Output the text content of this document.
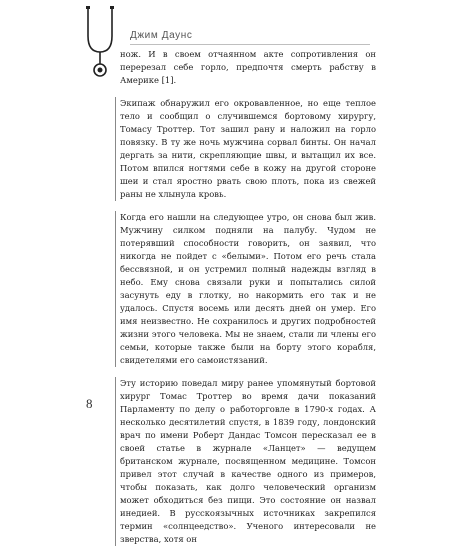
Джим Даунс

нож. И в своем отчаянном акте сопротивления он перерезал себе горло, предпочтя смерть рабству в Америке [1].

Экипаж обнаружил его окровавленное, но еще теплое тело и сообщил о случившемся бортовому хирургу, Томасу Троттер. Тот зашил рану и наложил на горло повязку. В ту же ночь мужчина сорвал бинты. Он начал дергать за нити, скрепляющие швы, и вытащил их все. Потом впился ногтями себе в кожу на другой стороне шеи и стал яростно рвать свою плоть, пока из свежей раны не хлынула кровь.

Когда его нашли на следующее утро, он снова был жив. Мужчину силком подняли на палубу. Чудом не потерявший способности говорить, он заявил, что никогда не пойдет с «белыми». Потом его речь стала бессвязной, и он устремил полный надежды взгляд в небо. Ему снова связали руки и попытались силой засунуть еду в глотку, но накормить его так и не удалось. Спустя восемь или десять дней он умер. Его имя неизвестно. Не сохранилось и других подробностей жизни этого человека. Мы не знаем, стали ли члены его семьи, которые также были на борту этого корабля, свидетелями его самоистязаний.

Эту историю поведал миру ранее упомянутый бортовой хирург Томас Троттер во время дачи показаний Парламенту по делу о работорговле в 1790-х годах. А несколько десятилетий спустя, в 1839 году, лондонский врач по имени Роберт Дандас Томсон пересказал ее в своей статье в журнале «Ланцет» — ведущем британском журнале, посвященном медицине. Томсон привел этот случай в качестве одного из примеров, чтобы показать, как долго человеческий организм может обходиться без пищи. Это состояние он назвал инедией. В русскоязычных источниках закрепился термин «солнцеедство». Ученого интересовали не зверства, хотя он

8
